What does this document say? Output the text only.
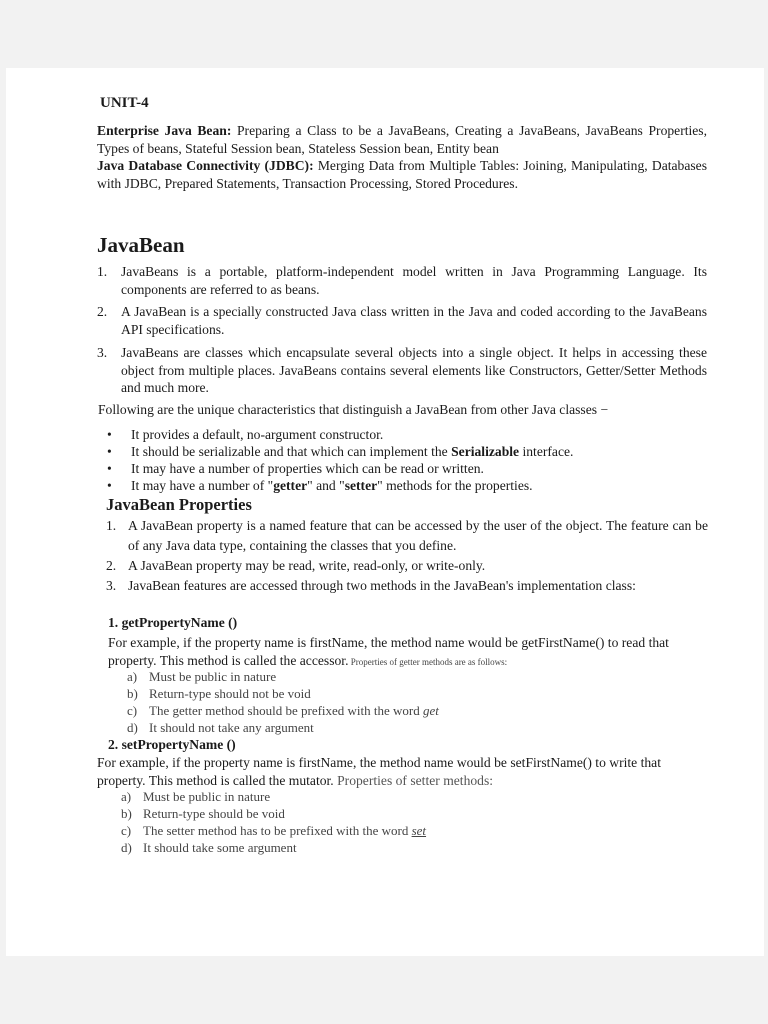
UNIT-4
Enterprise Java Bean: Preparing a Class to be a JavaBeans, Creating a JavaBeans, JavaBeans Properties, Types of beans, Stateful Session bean, Stateless Session bean, Entity bean
Java Database Connectivity (JDBC): Merging Data from Multiple Tables: Joining, Manipulating, Databases with JDBC, Prepared Statements, Transaction Processing, Stored Procedures.
JavaBean
1. JavaBeans is a portable, platform-independent model written in Java Programming Language. Its components are referred to as beans.
2. A JavaBean is a specially constructed Java class written in the Java and coded according to the JavaBeans API specifications.
3. JavaBeans are classes which encapsulate several objects into a single object. It helps in accessing these object from multiple places. JavaBeans contains several elements like Constructors, Getter/Setter Methods and much more.
Following are the unique characteristics that distinguish a JavaBean from other Java classes −
• It provides a default, no-argument constructor.
• It should be serializable and that which can implement the Serializable interface.
• It may have a number of properties which can be read or written.
• It may have a number of "getter" and "setter" methods for the properties.
JavaBean Properties
1. A JavaBean property is a named feature that can be accessed by the user of the object. The feature can be of any Java data type, containing the classes that you define.
2. A JavaBean property may be read, write, read-only, or write-only.
3. JavaBean features are accessed through two methods in the JavaBean's implementation class:
1. getPropertyName ()
For example, if the property name is firstName, the method name would be getFirstName() to read that property. This method is called the accessor. Properties of getter methods are as follows:
a) Must be public in nature
b) Return-type should not be void
c) The getter method should be prefixed with the word get
d) It should not take any argument
2. setPropertyName ()
For example, if the property name is firstName, the method name would be setFirstName() to write that property. This method is called the mutator. Properties of setter methods:
a) Must be public in nature
b) Return-type should be void
c) The setter method has to be prefixed with the word set
d) It should take some argument
